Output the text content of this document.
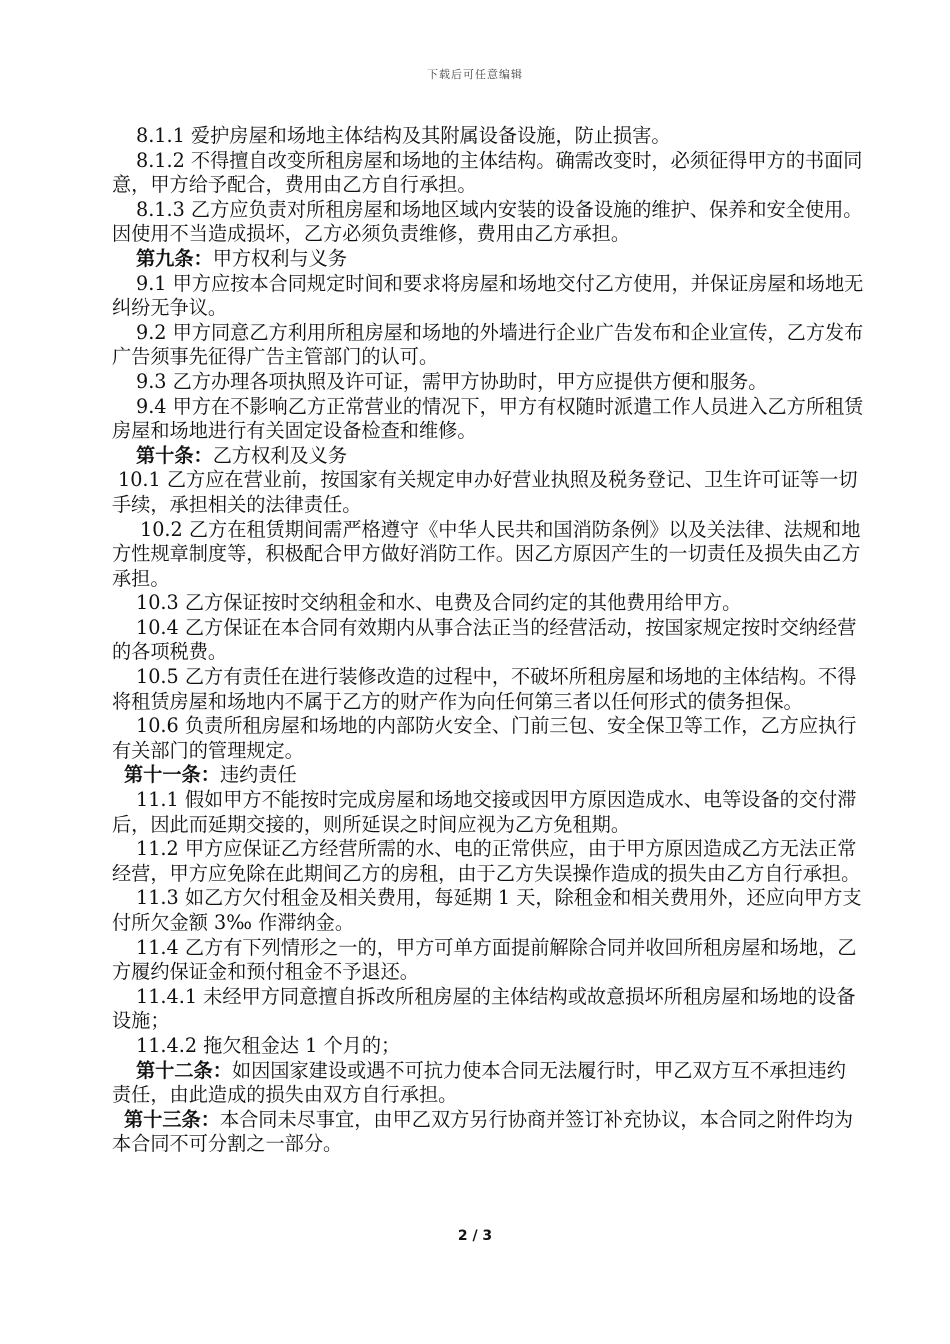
下载后可任意编辑

8.1.1 爱护房屋和场地主体结构及其附属设备设施，防止损害。

8.1.2 不得擅自改变所租房屋和场地的主体结构。确需改变时，必须征得甲方的书面同意，甲方给予配合，费用由乙方自行承担。

8.1.3 乙方应负责对所租房屋和场地区域内安装的设备设施的维护、保养和安全使用。因使用不当造成损坏，乙方必须负责维修，费用由乙方承担。

第九条：甲方权利与义务

9.1 甲方应按本合同规定时间和要求将房屋和场地交付乙方使用，并保证房屋和场地无纠纷无争议。

9.2 甲方同意乙方利用所租房屋和场地的外墙进行企业广告发布和企业宣传，乙方发布广告须事先征得广告主管部门的认可。

9.3 乙方办理各项执照及许可证，需甲方协助时，甲方应提供方便和服务。

9.4 甲方在不影响乙方正常营业的情况下，甲方有权随时派遣工作人员进入乙方所租赁房屋和场地进行有关固定设备检查和维修。

第十条：乙方权利及义务

10.1 乙方应在营业前，按国家有关规定申办好营业执照及税务登记、卫生许可证等一切手续，承担相关的法律责任。

10.2 乙方在租赁期间需严格遵守《中华人民共和国消防条例》以及关法律、法规和地方性规章制度等，积极配合甲方做好消防工作。因乙方原因产生的一切责任及损失由乙方承担。

10.3 乙方保证按时交纳租金和水、电费及合同约定的其他费用给甲方。

10.4 乙方保证在本合同有效期内从事合法正当的经营活动，按国家规定按时交纳经营的各项税费。

10.5 乙方有责任在进行装修改造的过程中，不破坏所租房屋和场地的主体结构。不得将租赁房屋和场地内不属于乙方的财产作为向任何第三者以任何形式的债务担保。

10.6 负责所租房屋和场地的内部防火安全、门前三包、安全保卫等工作，乙方应执行有关部门的管理规定。

第十一条：违约责任

11.1 假如甲方不能按时完成房屋和场地交接或因甲方原因造成水、电等设备的交付滞后，因此而延期交接的，则所延误之时间应视为乙方免租期。

11.2 甲方应保证乙方经营所需的水、电的正常供应，由于甲方原因造成乙方无法正常经营，甲方应免除在此期间乙方的房租，由于乙方失误操作造成的损失由乙方自行承担。

11.3 如乙方欠付租金及相关费用，每延期 1 天，除租金和相关费用外，还应向甲方支付所欠金额 3‰ 作滞纳金。

11.4 乙方有下列情形之一的，甲方可单方面提前解除合同并收回所租房屋和场地，乙方履约保证金和预付租金不予退还。

11.4.1 未经甲方同意擅自拆改所租房屋的主体结构或故意损坏所租房屋和场地的设备设施；

11.4.2 拖欠租金达 1 个月的；

第十二条：如因国家建设或遇不可抗力使本合同无法履行时，甲乙双方互不承担违约责任，由此造成的损失由双方自行承担。

第十三条：本合同未尽事宜，由甲乙双方另行协商并签订补充协议，本合同之附件均为本合同不可分割之一部分。

2 / 3
